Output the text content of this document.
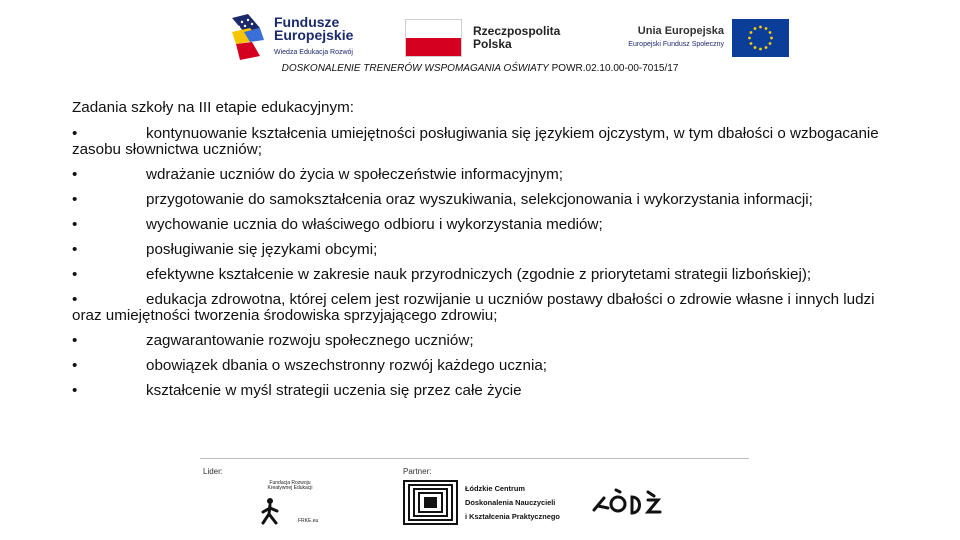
Fundusze
Europejskie
Wiedza Edukacja Rozwój
Rzeczpospolita
Polska
Unia Europejska
Europejski Fundusz Społeczny
DOSKONALENIE TRENERÓW WSPOMAGANIA OŚWIATY POWR.02.10.00-00-7015/17
Zadania szkoły na III etapie edukacyjnym:
•	kontynuowanie kształcenia umiejętności posługiwania się językiem ojczystym, w tym dbałości o wzbogacanie zasobu słownictwa uczniów;
•	wdrażanie uczniów do życia w społeczeństwie informacyjnym;
•	przygotowanie do samokształcenia oraz wyszukiwania, selekcjonowania i wykorzystania informacji;
•	wychowanie ucznia do właściwego odbioru i wykorzystania mediów;
•	posługiwanie się językami obcymi;
•	efektywne kształcenie w zakresie nauk przyrodniczych (zgodnie z priorytetami strategii lizbońskiej);
•	edukacja zdrowotna, której celem jest rozwijanie u uczniów postawy dbałości o zdrowie własne i innych ludzi oraz umiejętności tworzenia środowiska sprzyjającego zdrowiu;
•	zagwarantowanie rozwoju społecznego uczniów;
•	obowiązek dbania o wszechstronny rozwój każdego ucznia;
•	kształcenie w myśl strategii uczenia się przez całe życie
Lider:	Partner:
Fundacja Rozwoju Kreatywnej Edukacji
FRKE.eu
Łódzkie Centrum
Doskonalenia Nauczycieli
i Kształcenia Praktycznego
